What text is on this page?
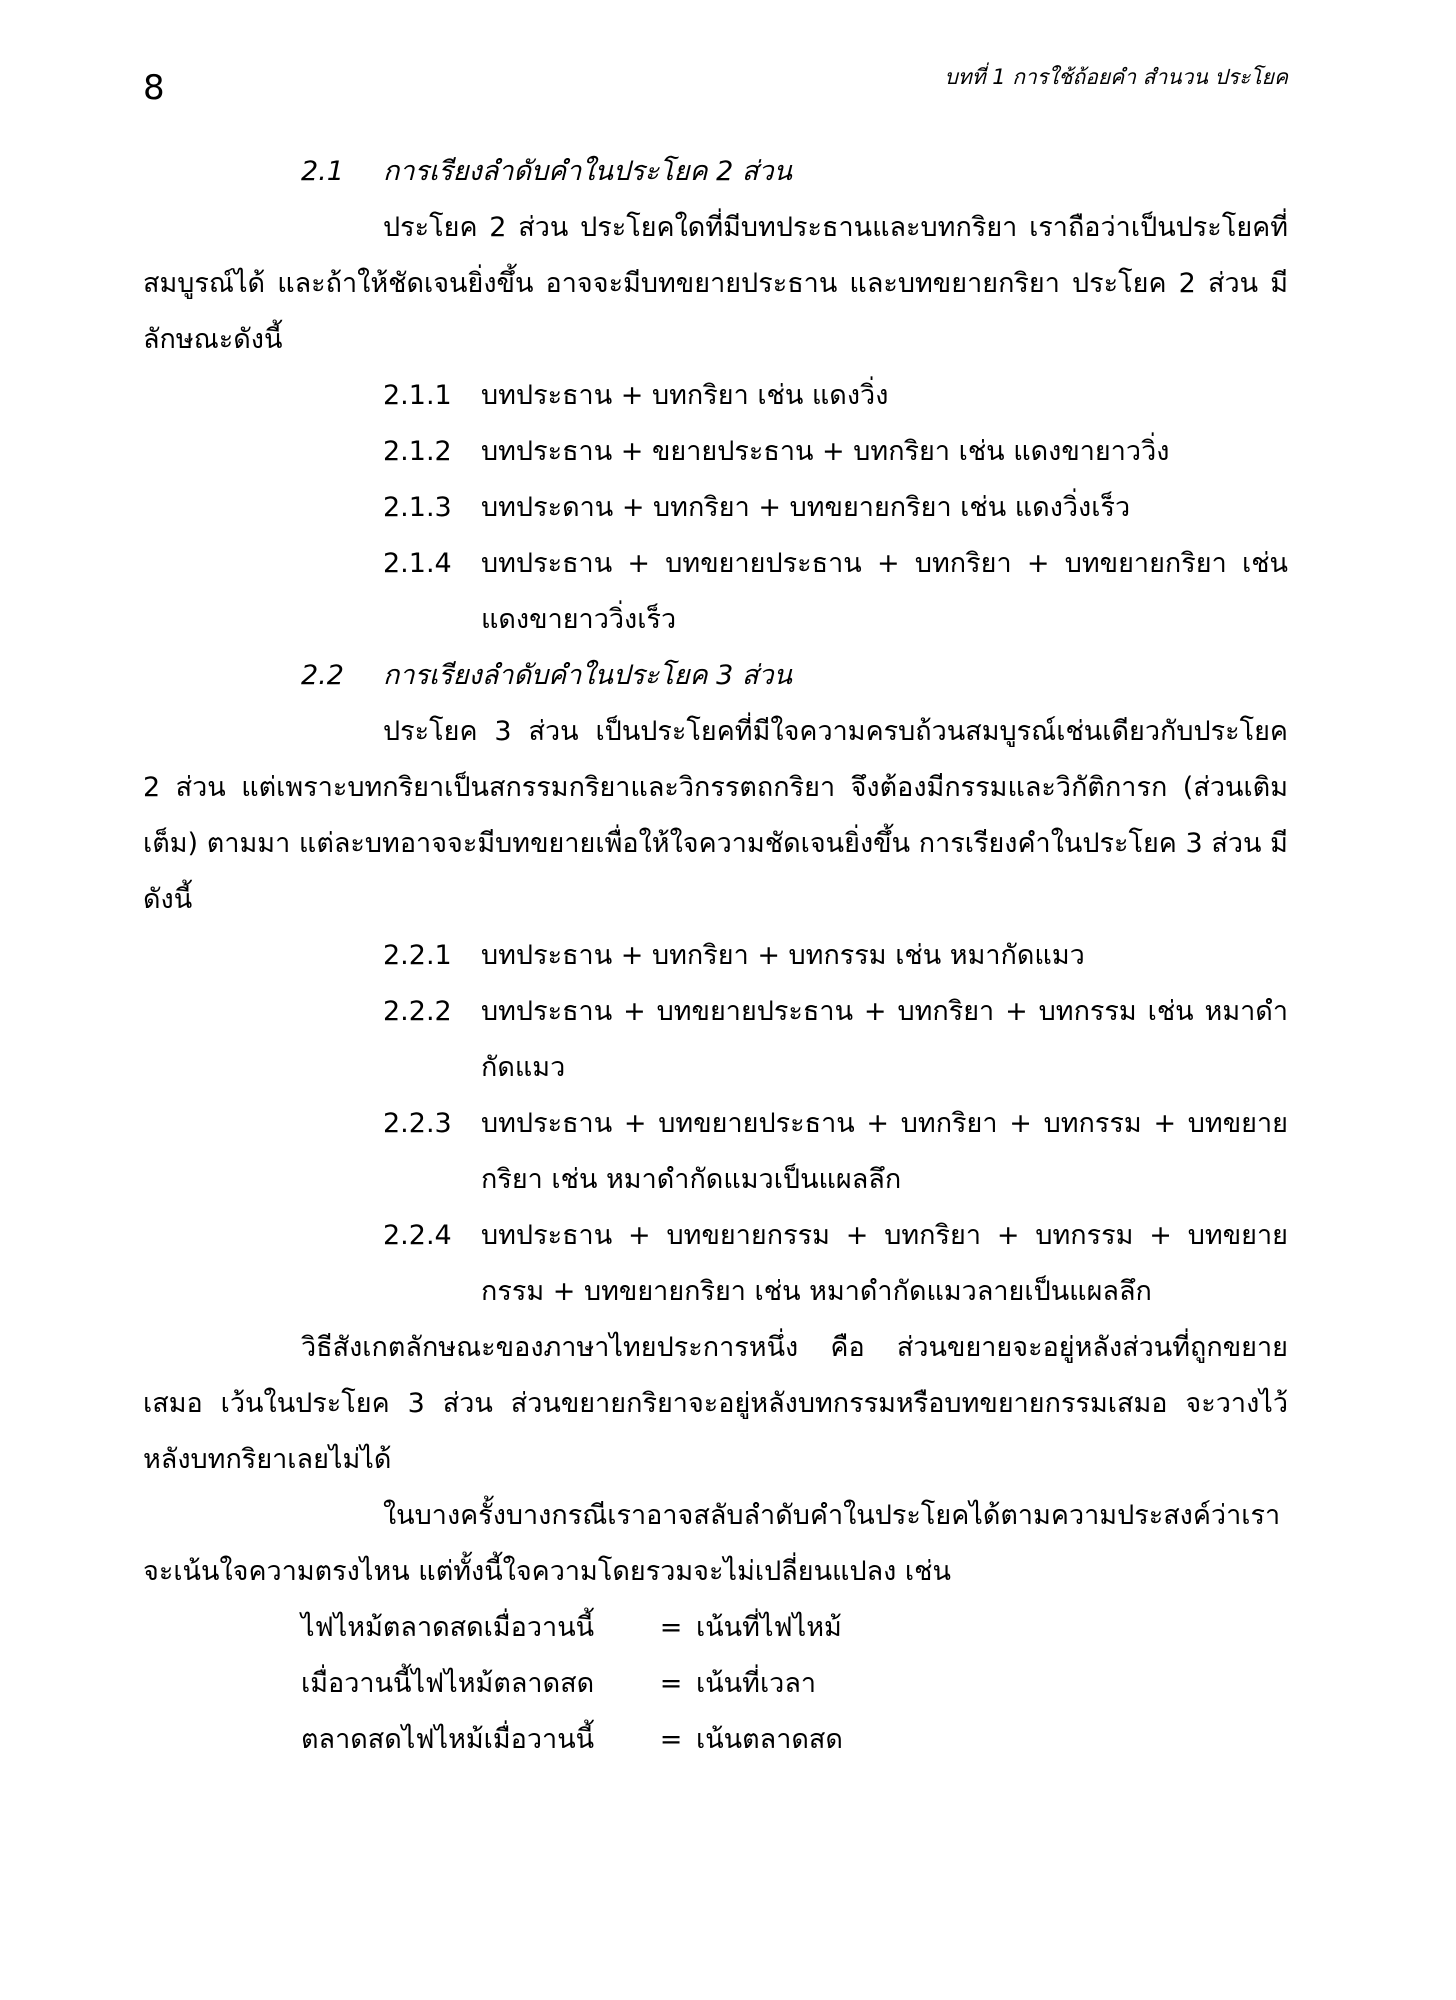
8	บทที่ 1 การใช้ถ้อยคำ สำนวน ประโยค
2.1 การเรียงลำดับคำในประโยค 2 ส่วน

ประโยค 2 ส่วน ประโยคใดที่มีบทประธานและบทกริยา เราถือว่าเป็นประโยคที่สมบูรณ์ได้ และถ้าให้ชัดเจนยิ่งขึ้น อาจจะมีบทขยายประธาน และบทขยายกริยา ประโยค 2 ส่วน มีลักษณะดังนี้

2.1.1	บทประธาน + บทกริยา เช่น แดงวิ่ง
2.1.2	บทประธาน + ขยายประธาน + บทกริยา เช่น แดงขายาววิ่ง
2.1.3	บทประดาน + บทกริยา + บทขยายกริยา เช่น แดงวิ่งเร็ว
2.1.4	บทประธาน + บทขยายประธาน + บทกริยา + บทขยายกริยา เช่น แดงขายาววิ่งเร็ว
2.2 การเรียงลำดับคำในประโยค 3 ส่วน

ประโยค 3 ส่วน เป็นประโยคที่มีใจความครบถ้วนสมบูรณ์เช่นเดียวกับประโยค 2 ส่วน แต่เพราะบทกริยาเป็นสกรรมกริยาและวิกรรตถกริยา จึงต้องมีกรรมและวิกัติการก (ส่วนเติมเต็ม) ตามมา แต่ละบทอาจจะมีบทขยายเพื่อให้ใจความชัดเจนยิ่งขึ้น การเรียงคำในประโยค 3 ส่วน มีดังนี้

2.2.1	บทประธาน + บทกริยา + บทกรรม เช่น หมากัดแมว
2.2.2	บทประธาน + บทขยายประธาน + บทกริยา + บทกรรม เช่น หมาดำกัดแมว
2.2.3	บทประธาน + บทขยายประธาน + บทกริยา + บทกรรม + บทขยายกริยา เช่น หมาดำกัดแมวเป็นแผลลึก
2.2.4	บทประธาน + บทขยายกรรม + บทกริยา + บทกรรม + บทขยายกรรม + บทขยายกริยา เช่น หมาดำกัดแมวลายเป็นแผลลึก

วิธีสังเกตลักษณะของภาษาไทยประการหนึ่ง คือ ส่วนขยายจะอยู่หลังส่วนที่ถูกขยายเสมอ เว้นในประโยค 3 ส่วน ส่วนขยายกริยาจะอยู่หลังบทกรรมหรือบทขยายกรรมเสมอ จะวางไว้หลังบทกริยาเลยไม่ได้

ในบางครั้งบางกรณีเราอาจสลับลำดับคำในประโยคได้ตามความประสงค์ว่าเราจะเน้นใจความตรงไหน แต่ทั้งนี้ใจความโดยรวมจะไม่เปลี่ยนแปลง เช่น

ไฟไหม้ตลาดสดเมื่อวานนี้	= เน้นที่ไฟไหม้
เมื่อวานนี้ไฟไหม้ตลาดสด	= เน้นที่เวลา
ตลาดสดไฟไหม้เมื่อวานนี้	= เน้นตลาดสด
